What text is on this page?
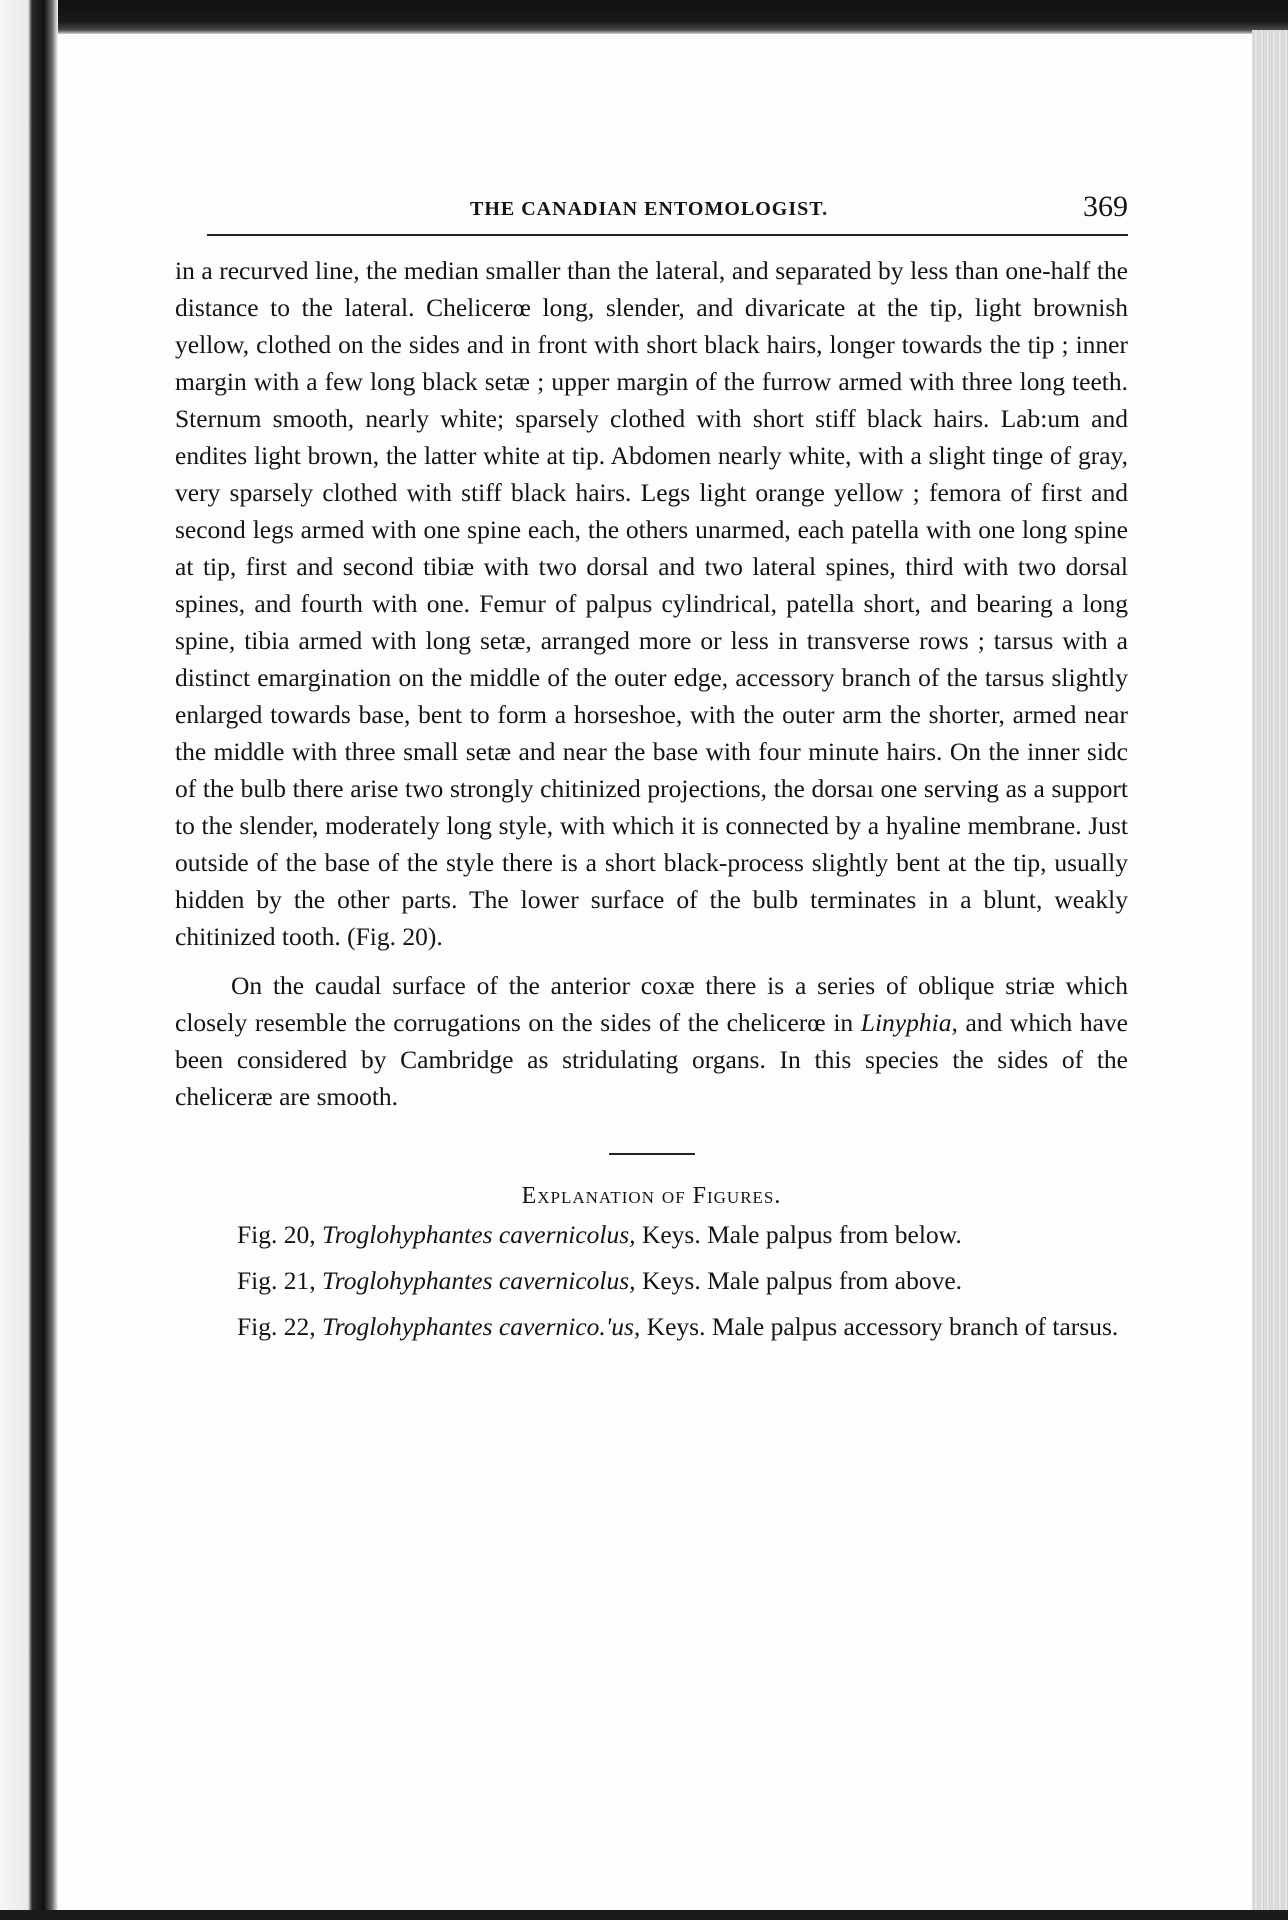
THE CANADIAN ENTOMOLOGIST.	369

in a recurved line, the median smaller than the lateral, and separated by less than one-half the distance to the lateral. Chelicerœ long, slender, and divaricate at the tip, light brownish yellow, clothed on the sides and in front with short black hairs, longer towards the tip ; inner margin with a few long black setæ ; upper margin of the furrow armed with three long teeth. Sternum smooth, nearly white; sparsely clothed with short stiff black hairs. Lab:um and endites light brown, the latter white at tip. Abdomen nearly white, with a slight tinge of gray, very sparsely clothed with stiff black hairs. Legs light orange yellow ; femora of first and second legs armed with one spine each, the others unarmed, each patella with one long spine at tip, first and second tibiæ with two dorsal and two lateral spines, third with two dorsal spines, and fourth with one. Femur of palpus cylindrical, patella short, and bearing a long spine, tibia armed with long setæ, arranged more or less in transverse rows ; tarsus with a distinct emargination on the middle of the outer edge, accessory branch of the tarsus slightly enlarged towards base, bent to form a horseshoe, with the outer arm the shorter, armed near the middle with three small setæ and near the base with four minute hairs. On the inner sidc of the bulb there arise two strongly chitinized projections, the dorsaı one serving as a support to the slender, moderately long style, with which it is connected by a hyaline membrane. Just outside of the base of the style there is a short black-process slightly bent at the tip, usually hidden by the other parts. The lower surface of the bulb terminates in a blunt, weakly chitinized tooth. (Fig. 20).

On the caudal surface of the anterior coxæ there is a series of oblique striæ which closely resemble the corrugations on the sides of the chelicerœ in Linyphia, and which have been considered by Cambridge as stridulating organs. In this species the sides of the cheliceræ are smooth.

Explanation of Figures.

Fig. 20, Troglohyphantes cavernicolus, Keys. Male palpus from below.

Fig. 21, Troglohyphantes cavernicolus, Keys. Male palpus from above.

Fig. 22, Troglohyphantes cavernico.'us, Keys. Male palpus accessory branch of tarsus.
